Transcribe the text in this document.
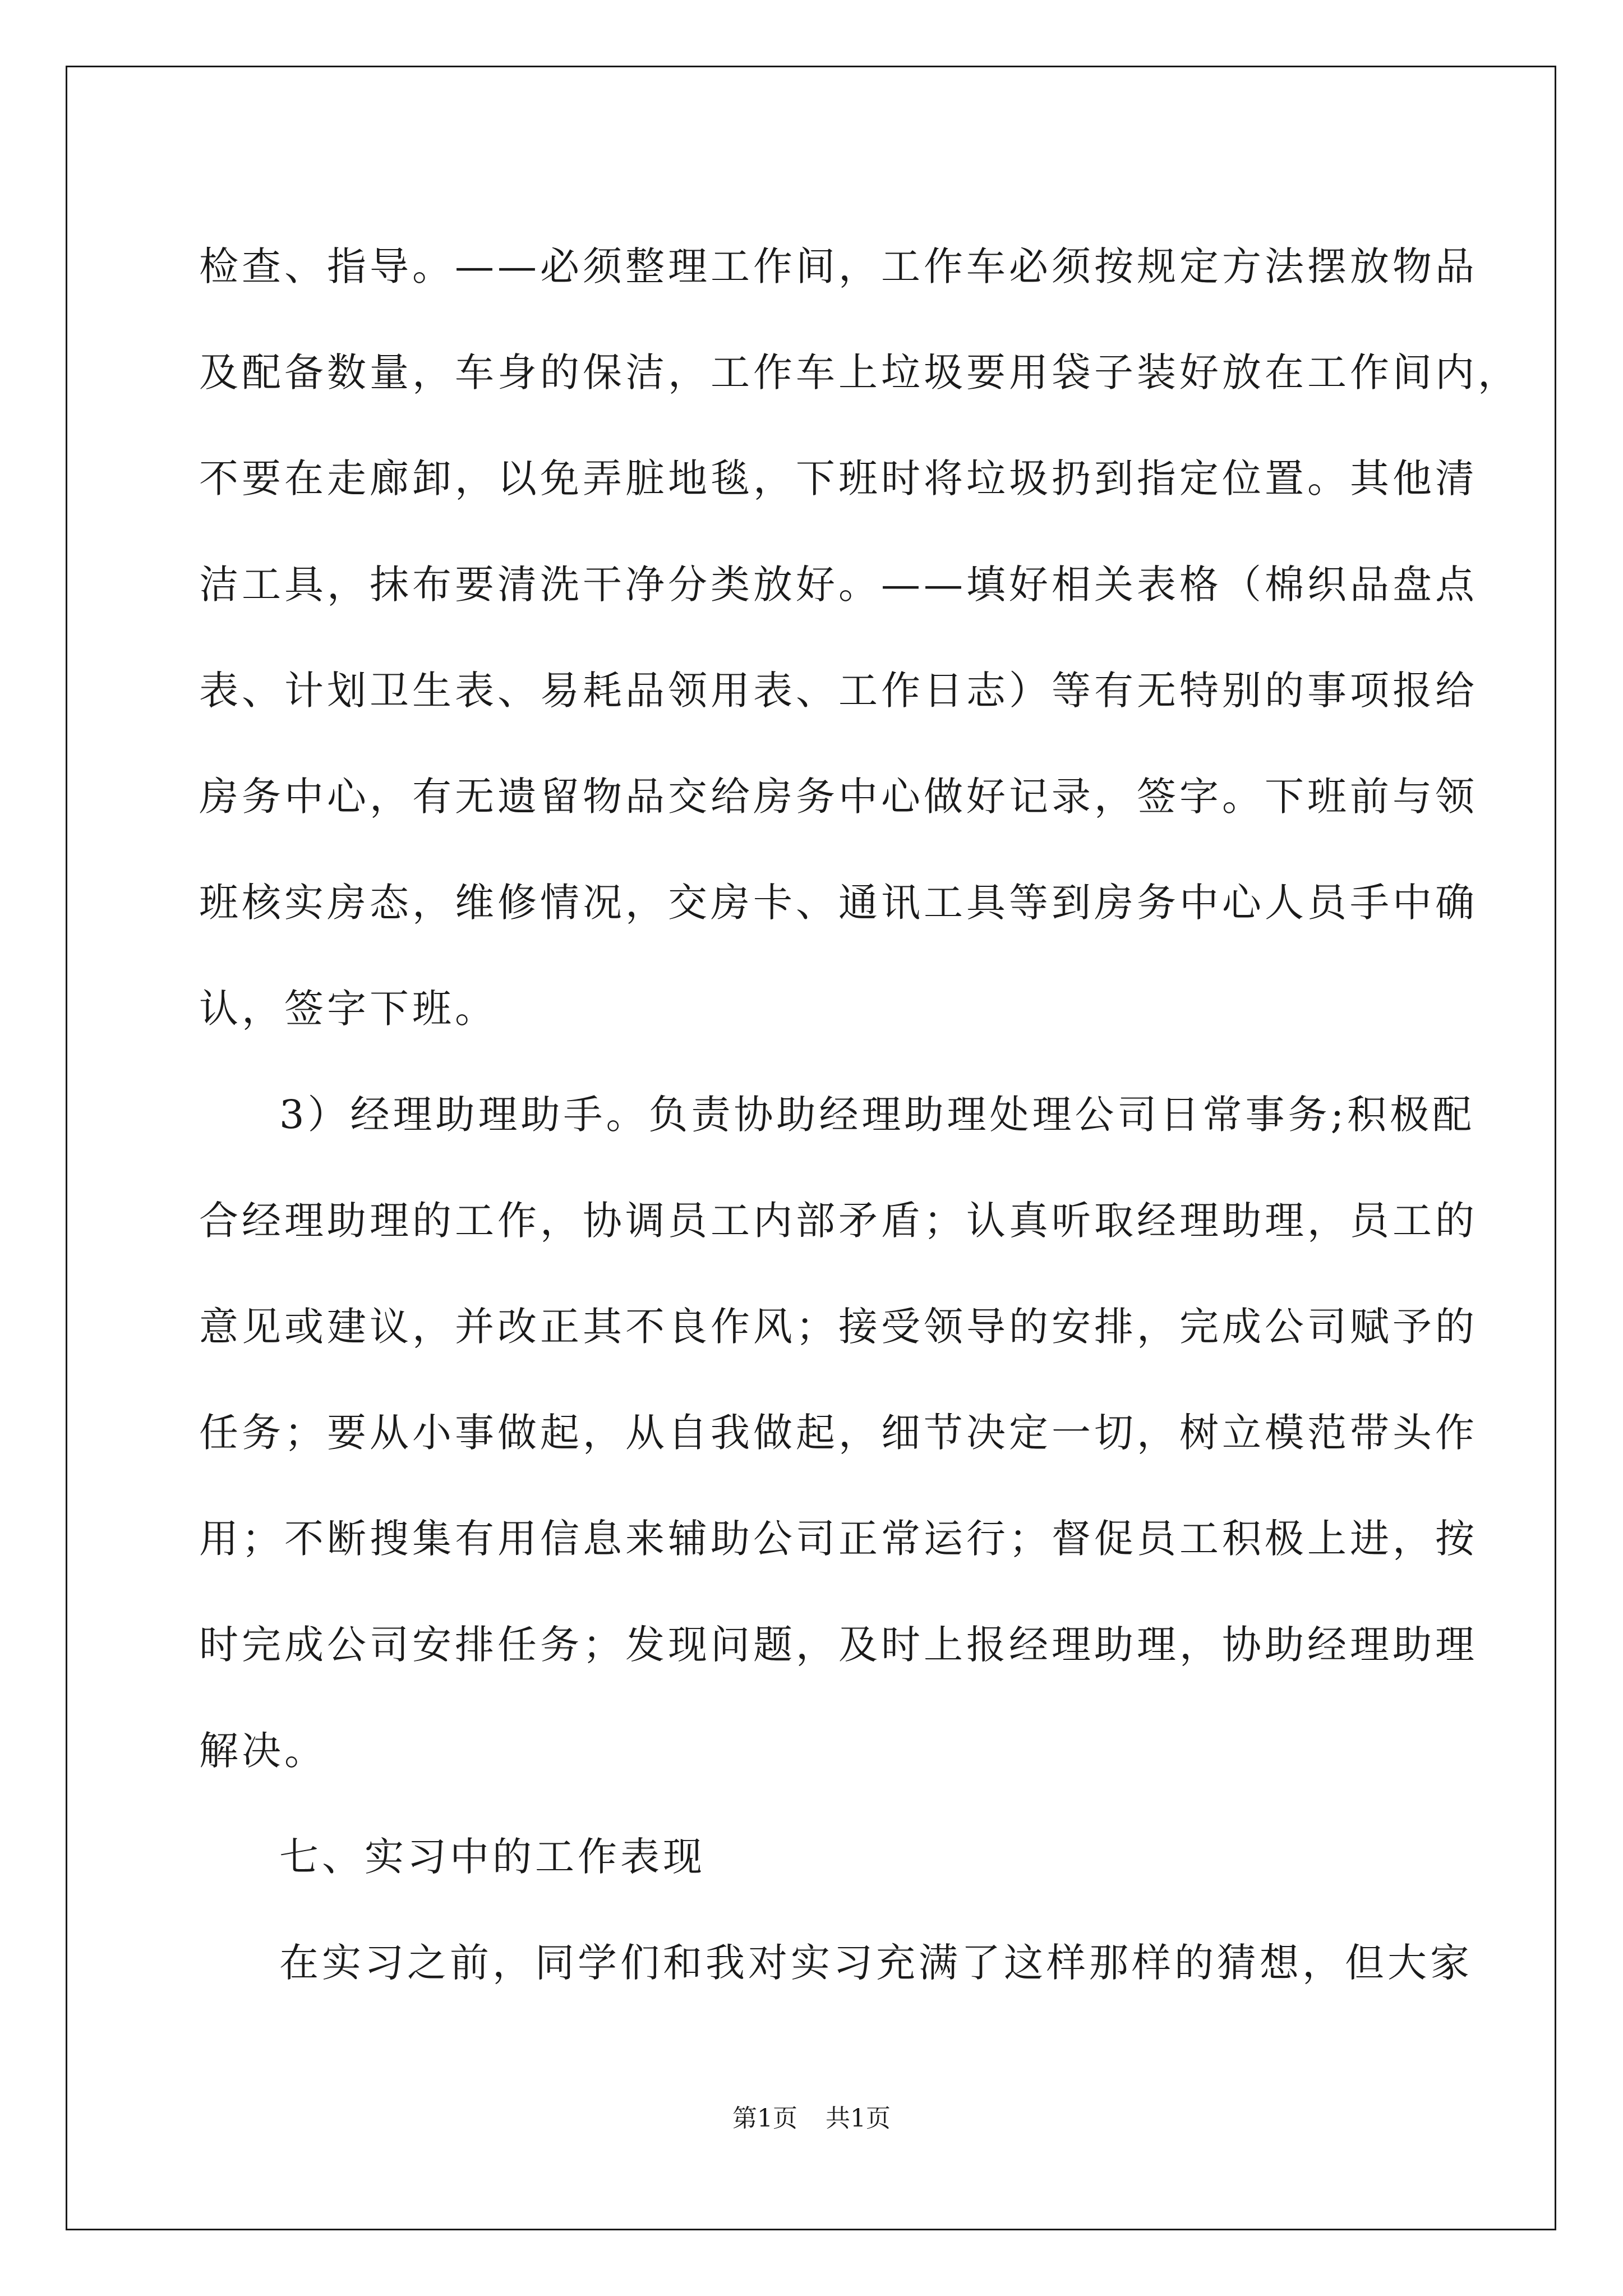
检查、指导。——必须整理工作间，工作车必须按规定方法摆放物品
及配备数量，车身的保洁，工作车上垃圾要用袋子装好放在工作间内，
不要在走廊卸，以免弄脏地毯，下班时将垃圾扔到指定位置。其他清
洁工具，抹布要清洗干净分类放好。——填好相关表格（棉织品盘点
表、计划卫生表、易耗品领用表、工作日志）等有无特别的事项报给
房务中心，有无遗留物品交给房务中心做好记录，签字。下班前与领
班核实房态，维修情况，交房卡、通讯工具等到房务中心人员手中确
认，签字下班。
3）经理助理助手。负责协助经理助理处理公司日常事务;积极配
合经理助理的工作，协调员工内部矛盾；认真听取经理助理，员工的
意见或建议，并改正其不良作风；接受领导的安排，完成公司赋予的
任务；要从小事做起，从自我做起，细节决定一切，树立模范带头作
用；不断搜集有用信息来辅助公司正常运行；督促员工积极上进，按
时完成公司安排任务；发现问题，及时上报经理助理，协助经理助理
解决。
七、实习中的工作表现
在实习之前，同学们和我对实习充满了这样那样的猜想，但大家
第1页 共1页
